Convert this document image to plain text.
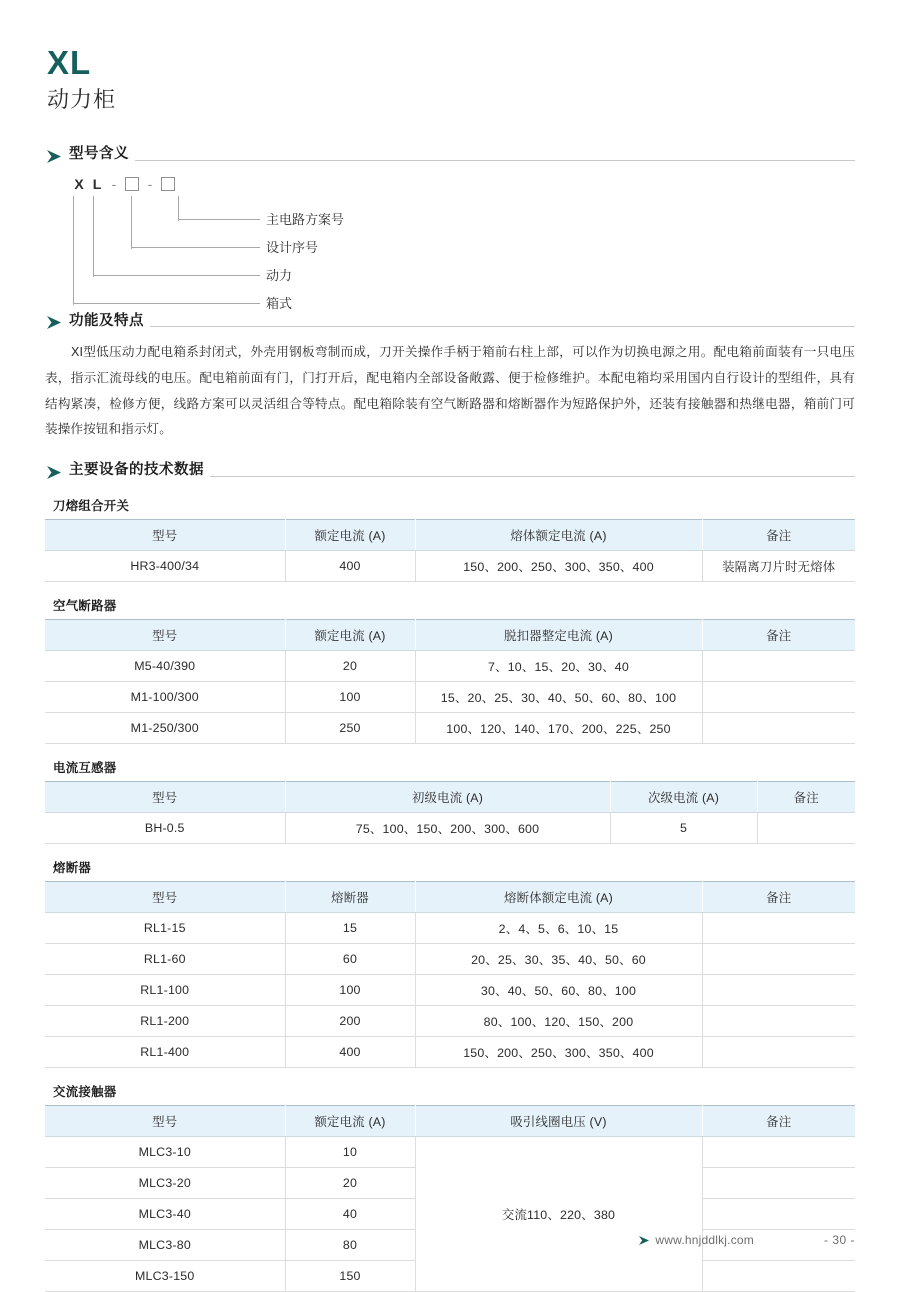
XL
动力柜
型号含义
X L -	-
主电路方案号
设计序号
动力
箱式
功能及特点
XI型低压动力配电箱系封闭式，外壳用钢板弯制而成，刀开关操作手柄于箱前右柱上部，可以作为切换电源之用。配电箱前面装有一只电压表，指示汇流母线的电压。配电箱前面有门，门打开后，配电箱内全部设备敞露、便于检修维护。本配电箱均采用国内自行设计的型组件，具有结构紧凑，检修方便，线路方案可以灵活组合等特点。配电箱除装有空气断路器和熔断器作为短路保护外，还装有接触器和热继电器，箱前门可装操作按钮和指示灯。
主要设备的技术数据
刀熔组合开关
型号	额定电流 (A)	熔体额定电流 (A)	备注
HR3-400/34	400	150、200、250、300、350、400	装隔离刀片时无熔体
空气断路器
型号	额定电流 (A)	脱扣器整定电流 (A)	备注
M5-40/390	20	7、10、15、20、30、40	
M1-100/300	100	15、20、25、30、40、50、60、80、100	
M1-250/300	250	100、120、140、170、200、225、250	
电流互感器
型号	初级电流 (A)	次级电流 (A)	备注
BH-0.5	75、100、150、200、300、600	5	
熔断器
型号	熔断器	熔断体额定电流 (A)	备注
RL1-15	15	2、4、5、6、10、15	
RL1-60	60	20、25、30、35、40、50、60	
RL1-100	100	30、40、50、60、80、100	
RL1-200	200	80、100、120、150、200	
RL1-400	400	150、200、250、300、350、400	
交流接触器
型号	额定电流 (A)	吸引线圈电压 (V)	备注
MLC3-10	10	交流110、220、380	
MLC3-20	20		
MLC3-40	40		
MLC3-80	80		
MLC3-150	150		
www.hnjddlkj.com	- 30 -
